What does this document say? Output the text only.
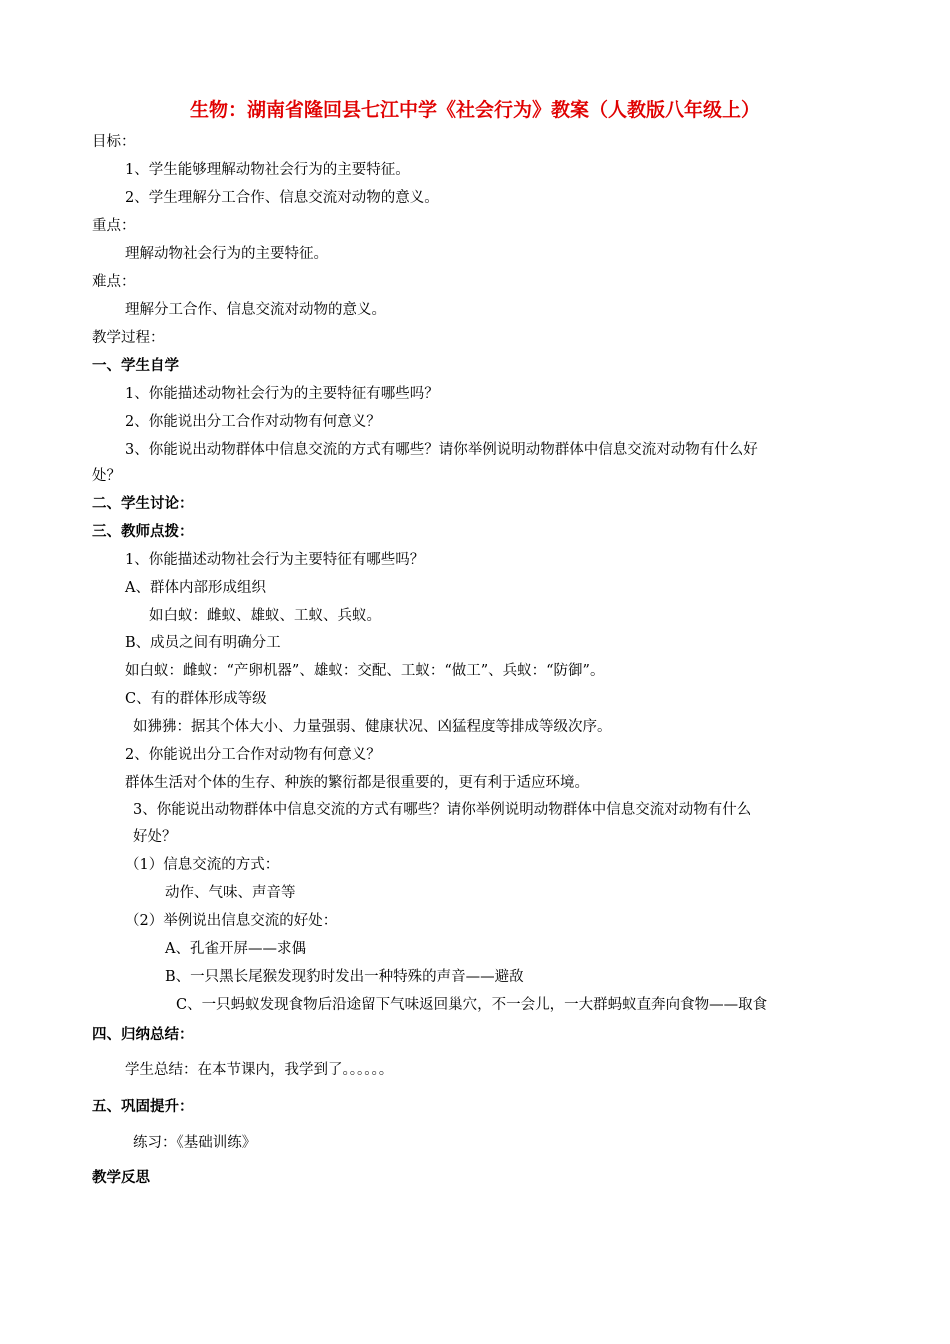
生物：湖南省隆回县七江中学《社会行为》教案（人教版八年级上）
目标：
1、学生能够理解动物社会行为的主要特征。
2、学生理解分工合作、信息交流对动物的意义。
重点：
理解动物社会行为的主要特征。
难点：
理解分工合作、信息交流对动物的意义。
教学过程：
一、学生自学
1、你能描述动物社会行为的主要特征有哪些吗？
2、你能说出分工合作对动物有何意义？
3、你能说出动物群体中信息交流的方式有哪些？请你举例说明动物群体中信息交流对动物有什么好
处？
二、学生讨论：
三、教师点拨：
1、你能描述动物社会行为主要特征有哪些吗？
A、群体内部形成组织
如白蚁：雌蚁、雄蚁、工蚁、兵蚁。
B、成员之间有明确分工
如白蚁：雌蚁：“产卵机器”、雄蚁：交配、工蚁：“做工”、兵蚁：“防御”。
C、有的群体形成等级
如狒狒：据其个体大小、力量强弱、健康状况、凶猛程度等排成等级次序。
2、你能说出分工合作对动物有何意义？
群体生活对个体的生存、种族的繁衍都是很重要的，更有利于适应环境。
3、你能说出动物群体中信息交流的方式有哪些？请你举例说明动物群体中信息交流对动物有什么
好处？
（1）信息交流的方式：
动作、气味、声音等
（2）举例说出信息交流的好处：
A、孔雀开屏——求偶
B、一只黑长尾猴发现豹时发出一种特殊的声音——避敌
C、一只蚂蚁发现食物后沿途留下气味返回巢穴，不一会儿，一大群蚂蚁直奔向食物——取食
四、归纳总结：
学生总结：在本节课内，我学到了。。。。。。
五、巩固提升：
练习：《基础训练》
教学反思
